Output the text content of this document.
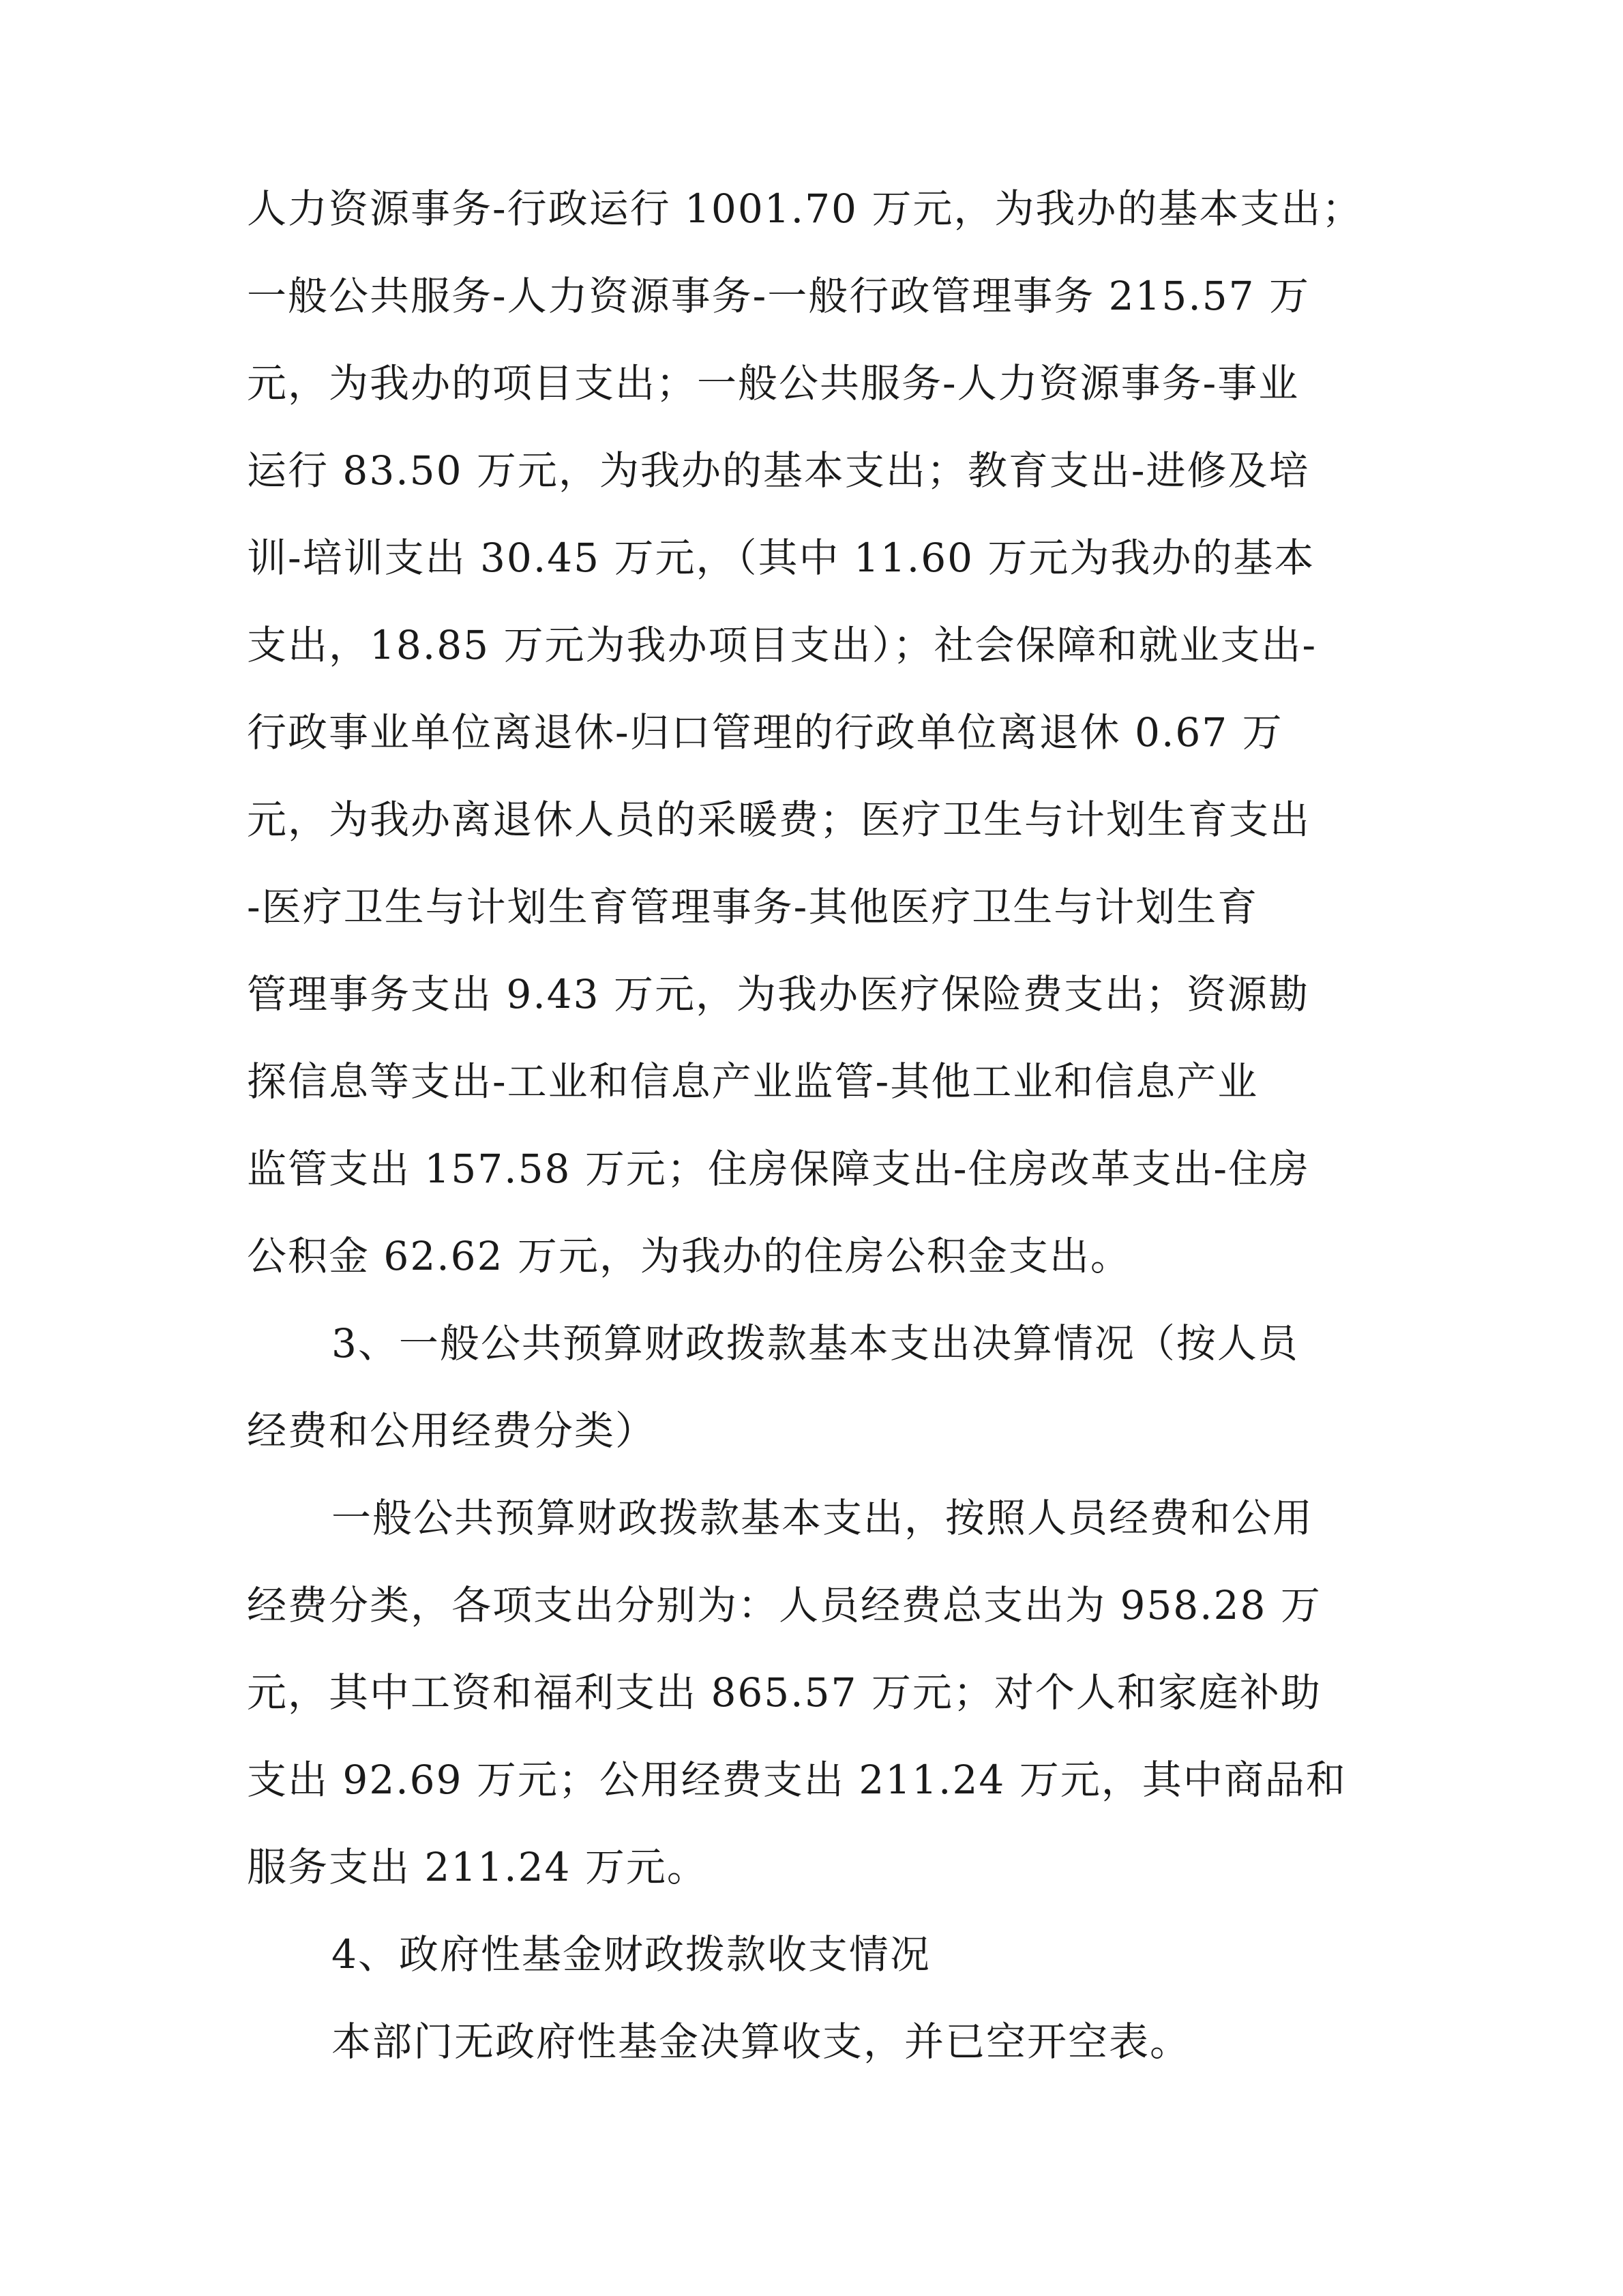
人力资源事务-行政运行 1001.70 万元，为我办的基本支出；
一般公共服务-人力资源事务-一般行政管理事务 215.57 万
元，为我办的项目支出；一般公共服务-人力资源事务-事业
运行 83.50 万元，为我办的基本支出；教育支出-进修及培
训-培训支出 30.45 万元，（其中 11.60 万元为我办的基本
支出，18.85 万元为我办项目支出）；社会保障和就业支出-
行政事业单位离退休-归口管理的行政单位离退休 0.67 万
元，为我办离退休人员的采暖费；医疗卫生与计划生育支出
-医疗卫生与计划生育管理事务-其他医疗卫生与计划生育
管理事务支出 9.43 万元，为我办医疗保险费支出；资源勘
探信息等支出-工业和信息产业监管-其他工业和信息产业
监管支出 157.58 万元；住房保障支出-住房改革支出-住房
公积金 62.62 万元，为我办的住房公积金支出。
3、一般公共预算财政拨款基本支出决算情况（按人员
经费和公用经费分类）
一般公共预算财政拨款基本支出，按照人员经费和公用
经费分类，各项支出分别为：人员经费总支出为 958.28 万
元，其中工资和福利支出 865.57 万元；对个人和家庭补助
支出 92.69 万元；公用经费支出 211.24 万元，其中商品和
服务支出 211.24 万元。
4、政府性基金财政拨款收支情况
本部门无政府性基金决算收支，并已空开空表。
